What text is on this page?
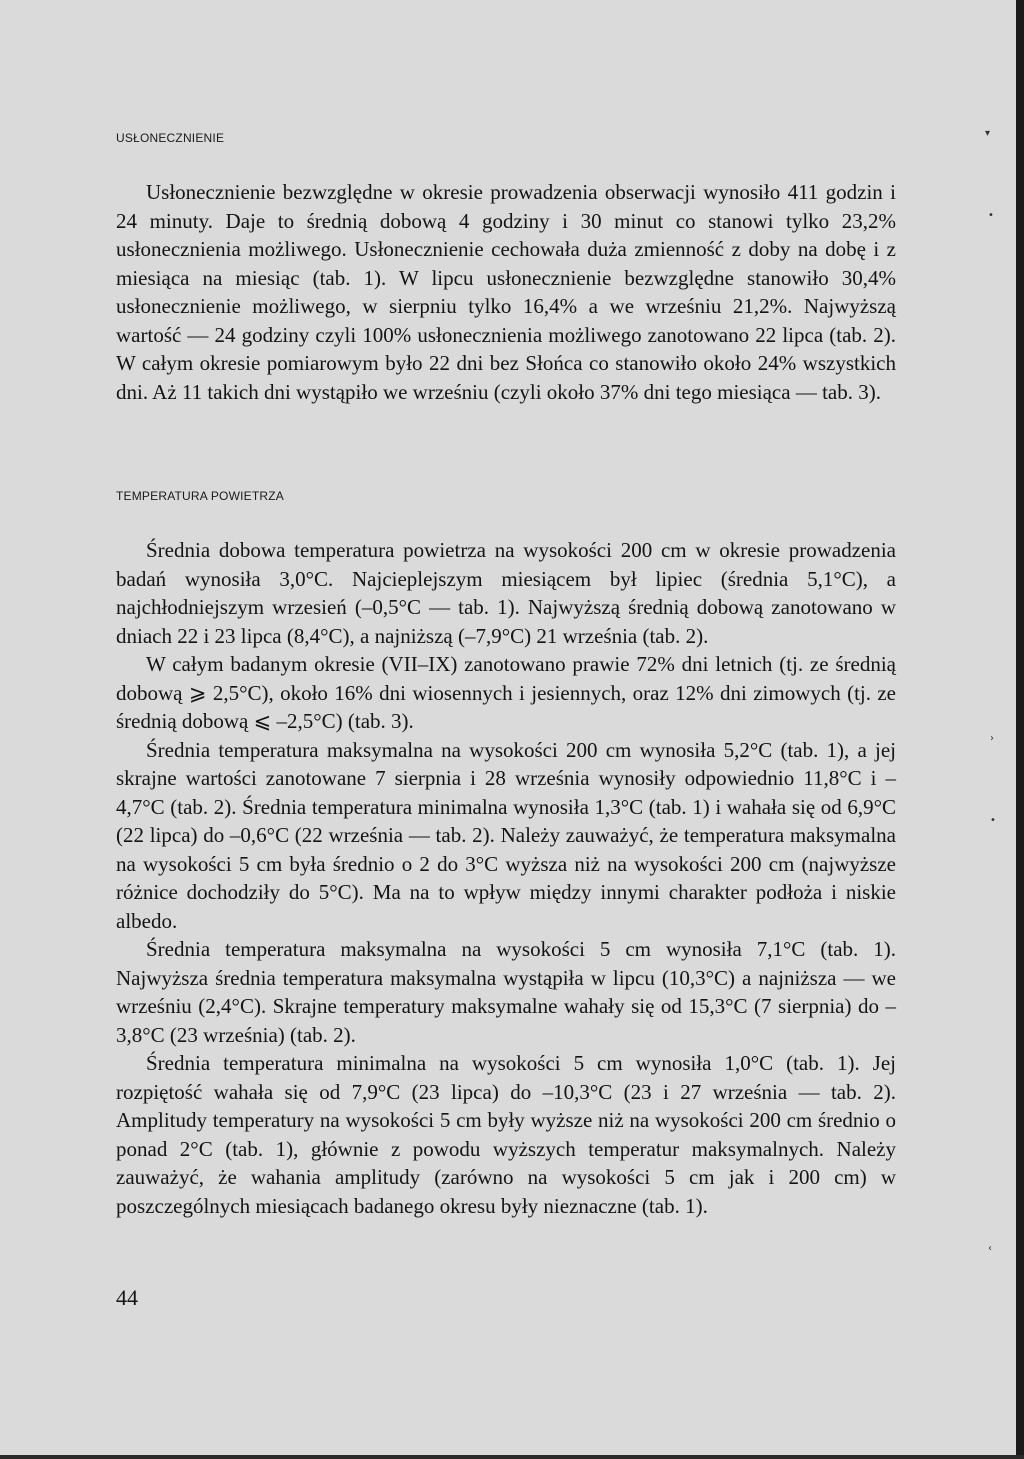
USŁONECZNIENIE

Usłonecznienie bezwzględne w okresie prowadzenia obserwacji wynosiło 411 godzin i 24 minuty. Daje to średnią dobową 4 godziny i 30 minut co stanowi tylko 23,2% usłonecznienia możliwego. Usłonecznienie cechowała duża zmienność z doby na dobę i z miesiąca na miesiąc (tab. 1). W lipcu usłonecznienie bezwzględne stanowiło 30,4% usłonecznienie możliwego, w sierpniu tylko 16,4% a we wrześniu 21,2%. Najwyższą wartość — 24 godziny czyli 100% usłonecznienia możliwego zanotowano 22 lipca (tab. 2). W całym okresie pomiarowym było 22 dni bez Słońca co stanowiło około 24% wszystkich dni. Aż 11 takich dni wystąpiło we wrześniu (czyli około 37% dni tego miesiąca — tab. 3).

TEMPERATURA POWIETRZA

Średnia dobowa temperatura powietrza na wysokości 200 cm w okresie prowadzenia badań wynosiła 3,0°C. Najcieplejszym miesiącem był lipiec (średnia 5,1°C), a najchłodniejszym wrzesień (–0,5°C — tab. 1). Najwyższą średnią dobową zanotowano w dniach 22 i 23 lipca (8,4°C), a najniższą (–7,9°C) 21 września (tab. 2).

W całym badanym okresie (VII–IX) zanotowano prawie 72% dni letnich (tj. ze średnią dobową ⩾ 2,5°C), około 16% dni wiosennych i jesiennych, oraz 12% dni zimowych (tj. ze średnią dobową ⩽ –2,5°C) (tab. 3).

Średnia temperatura maksymalna na wysokości 200 cm wynosiła 5,2°C (tab. 1), a jej skrajne wartości zanotowane 7 sierpnia i 28 września wynosiły odpowiednio 11,8°C i –4,7°C (tab. 2). Średnia temperatura minimalna wynosiła 1,3°C (tab. 1) i wahała się od 6,9°C (22 lipca) do –0,6°C (22 września — tab. 2). Należy zauważyć, że temperatura maksymalna na wysokości 5 cm była średnio o 2 do 3°C wyższa niż na wysokości 200 cm (najwyższe różnice dochodziły do 5°C). Ma na to wpływ między innymi charakter podłoża i niskie albedo.

Średnia temperatura maksymalna na wysokości 5 cm wynosiła 7,1°C (tab. 1). Najwyższa średnia temperatura maksymalna wystąpiła w lipcu (10,3°C) a najniższa — we wrześniu (2,4°C). Skrajne temperatury maksymalne wahały się od 15,3°C (7 sierpnia) do –3,8°C (23 września) (tab. 2).

Średnia temperatura minimalna na wysokości 5 cm wynosiła 1,0°C (tab. 1). Jej rozpiętość wahała się od 7,9°C (23 lipca) do –10,3°C (23 i 27 września — tab. 2). Amplitudy temperatury na wysokości 5 cm były wyższe niż na wysokości 200 cm średnio o ponad 2°C (tab. 1), głównie z powodu wyższych temperatur maksymalnych. Należy zauważyć, że wahania amplitudy (zarówno na wysokości 5 cm jak i 200 cm) w poszczególnych miesiącach badanego okresu były nieznaczne (tab. 1).

44

▾
•
›
•
‹
